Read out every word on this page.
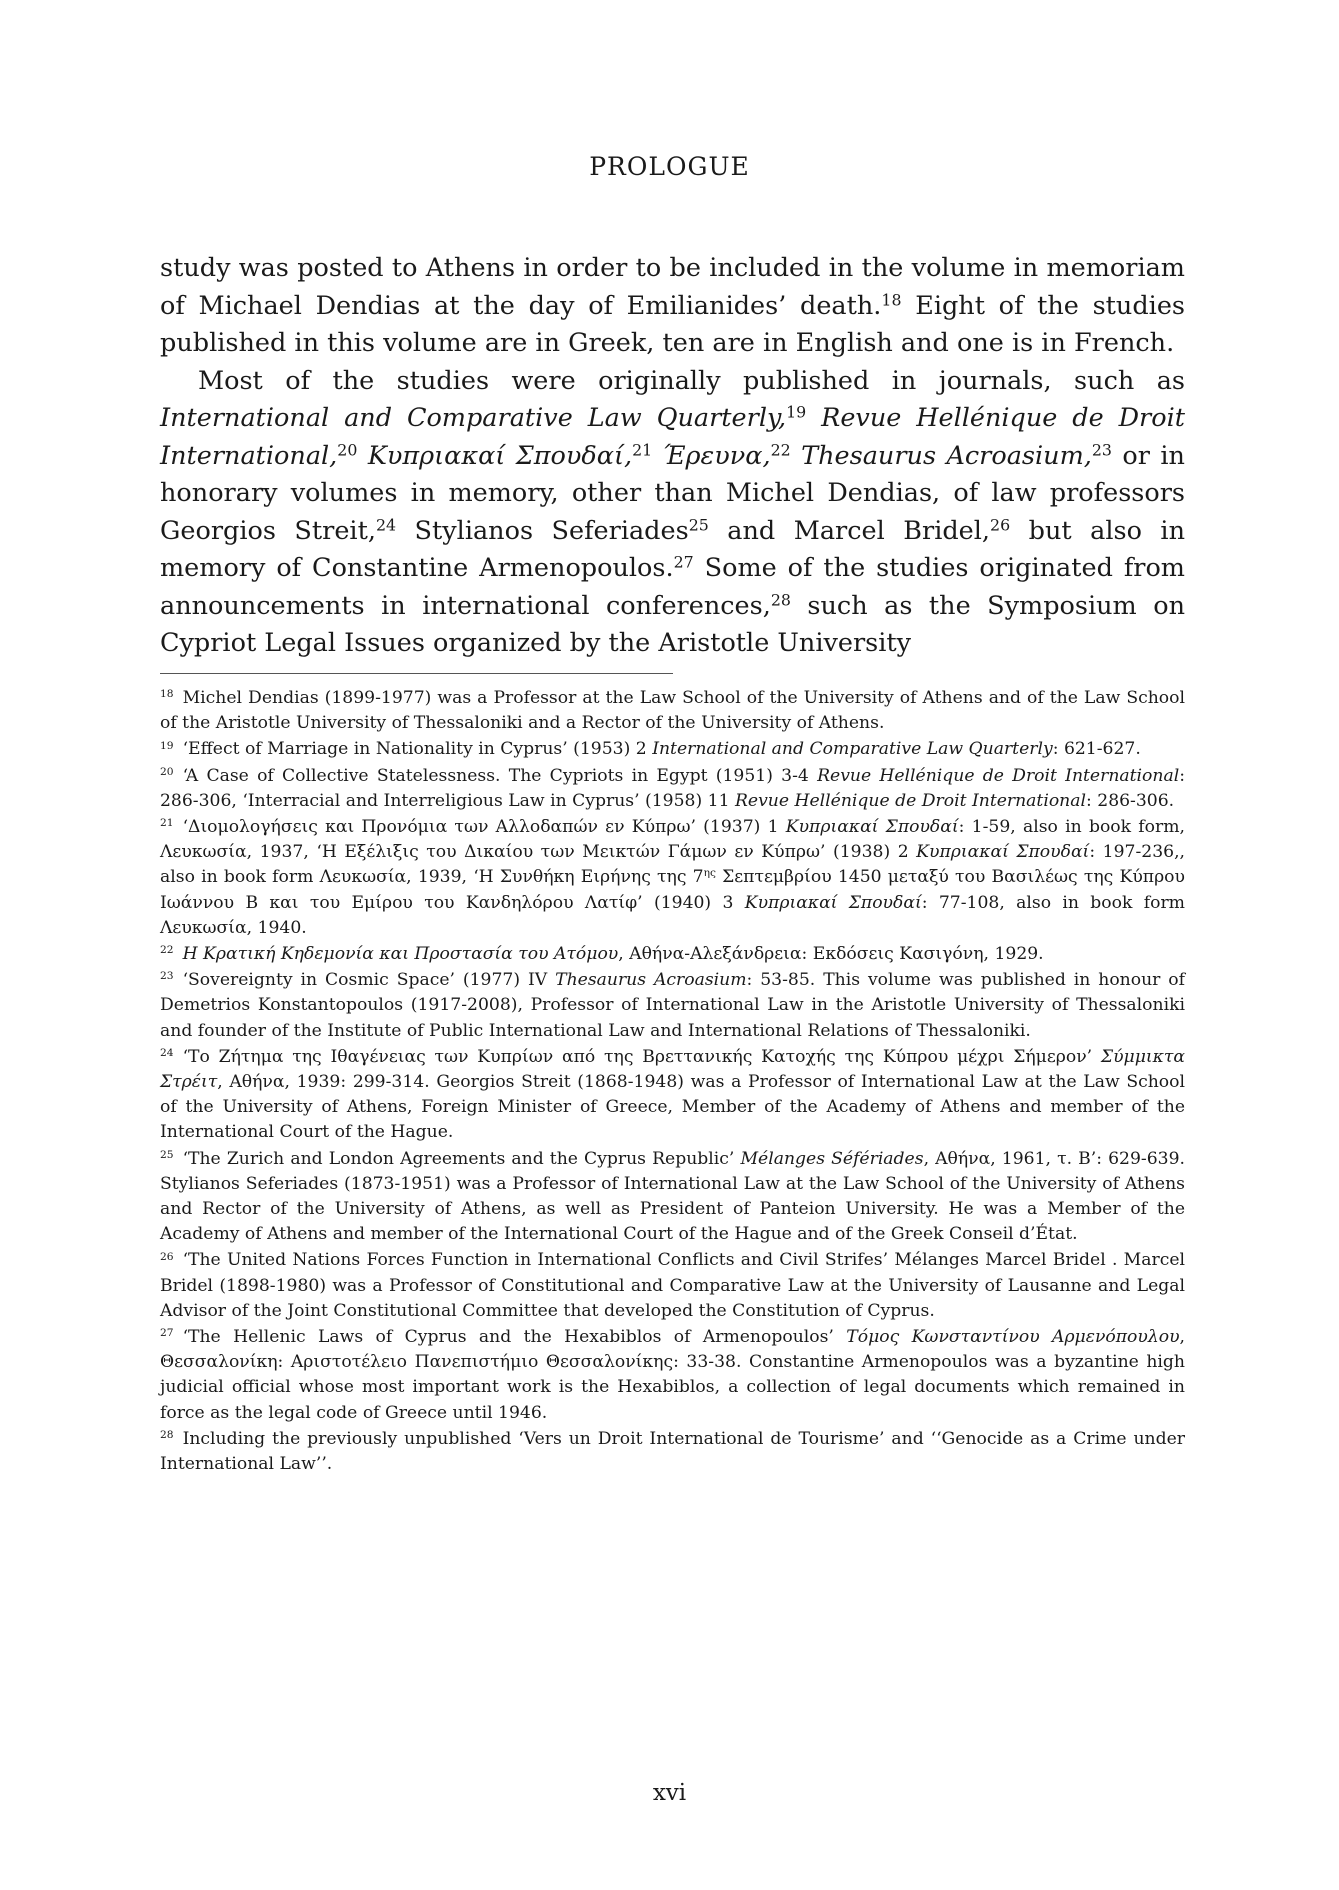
PROLOGUE

study was posted to Athens in order to be included in the volume in memoriam of Michael Dendias at the day of Emilianides’ death.$^{18}$ Eight of the studies published in this volume are in Greek, ten are in English and one is in French.

Most of the studies were originally published in journals, such as International and Comparative Law Quarterly,$^{19}$ Revue Hellénique de Droit International,$^{20}$ Κυπριακαί Σπουδαί,$^{21}$ Έρευνα,$^{22}$ Thesaurus Acroasium,$^{23}$ or in honorary volumes in memory, other than Michel Dendias, of law professors Georgios Streit,$^{24}$ Stylianos Seferiades$^{25}$ and Marcel Bridel,$^{26}$ but also in memory of Constantine Armenopoulos.$^{27}$ Some of the studies originated from announcements in international conferences,$^{28}$ such as the Symposium on Cypriot Legal Issues organized by the Aristotle University

$^{18}$ Michel Dendias (1899-1977) was a Professor at the Law School of the University of Athens and of the Law School of the Aristotle University of Thessaloniki and a Rector of the University of Athens.

$^{19}$ ‘Effect of Marriage in Nationality in Cyprus’ (1953) 2 International and Comparative Law Quarterly: 621-627.

$^{20}$ ‘A Case of Collective Statelessness. The Cypriots in Egypt (1951) 3-4 Revue Hellénique de Droit International: 286-306, ‘Interracial and Interreligious Law in Cyprus’ (1958) 11 Revue Hellénique de Droit International: 286-306.

$^{21}$ ‘Διομολογήσεις και Προνόμια των Αλλοδαπών εν Κύπρω’ (1937) 1 Κυπριακαί Σπουδαί: 1-59, also in book form, Λευκωσία, 1937, ‘Η Εξέλιξις του Δικαίου των Μεικτών Γάμων εν Κύπρω’ (1938) 2 Κυπριακαί Σπουδαί: 197-236,, also in book form Λευκωσία, 1939, ‘Η Συνθήκη Ειρήνης της $7^{\eta\varsigma}$ Σεπτεμβρίου 1450 μεταξύ του Βασιλέως της Κύπρου Ιωάννου Β και του Εμίρου του Κανδηλόρου Λατίφ’ (1940) 3 Κυπριακαί Σπουδαί: 77-108, also in book form Λευκωσία, 1940.

$^{22}$ Η Κρατική Κηδεμονία και Προστασία του Ατόμου, Αθήνα-Αλεξάνδρεια: Εκδόσεις Κασιγόνη, 1929.

$^{23}$ ‘Sovereignty in Cosmic Space’ (1977) IV Thesaurus Acroasium: 53-85. This volume was published in honour of Demetrios Konstantopoulos (1917-2008), Professor of International Law in the Aristotle University of Thessaloniki and founder of the Institute of Public International Law and International Relations of Thessaloniki.

$^{24}$ ‘Το Ζήτημα της Ιθαγένειας των Κυπρίων από της Βρεττανικής Κατοχής της Κύπρου μέχρι Σήμερον’ Σύμμικτα Στρέιτ, Αθήνα, 1939: 299-314. Georgios Streit (1868-1948) was a Professor of International Law at the Law School of the University of Athens, Foreign Minister of Greece, Member of the Academy of Athens and member of the International Court of the Hague.

$^{25}$ ‘The Zurich and London Agreements and the Cyprus Republic’ Mélanges Séfériades, Αθήνα, 1961, τ. Β’: 629-639. Stylianos Seferiades (1873-1951) was a Professor of International Law at the Law School of the University of Athens and Rector of the University of Athens, as well as President of Panteion University. He was a Member of the Academy of Athens and member of the International Court of the Hague and of the Greek Conseil d’État.

$^{26}$ ‘The United Nations Forces Function in International Conflicts and Civil Strifes’ Mélanges Marcel Bridel . Marcel Bridel (1898-1980) was a Professor of Constitutional and Comparative Law at the University of Lausanne and Legal Advisor of the Joint Constitutional Committee that developed the Constitution of Cyprus.

$^{27}$ ‘The Hellenic Laws of Cyprus and the Hexabiblos of Armenopoulos’ Τόμος Κωνσταντίνου Αρμενόπουλου, Θεσσαλονίκη: Αριστοτέλειο Πανεπιστήμιο Θεσσαλονίκης: 33-38. Constantine Armenopoulos was a byzantine high judicial official whose most important work is the Hexabiblos, a collection of legal documents which remained in force as the legal code of Greece until 1946.

$^{28}$ Including the previously unpublished ‘Vers un Droit International de Tourisme’ and ‘‘Genocide as a Crime under International Law’’.

xvi
